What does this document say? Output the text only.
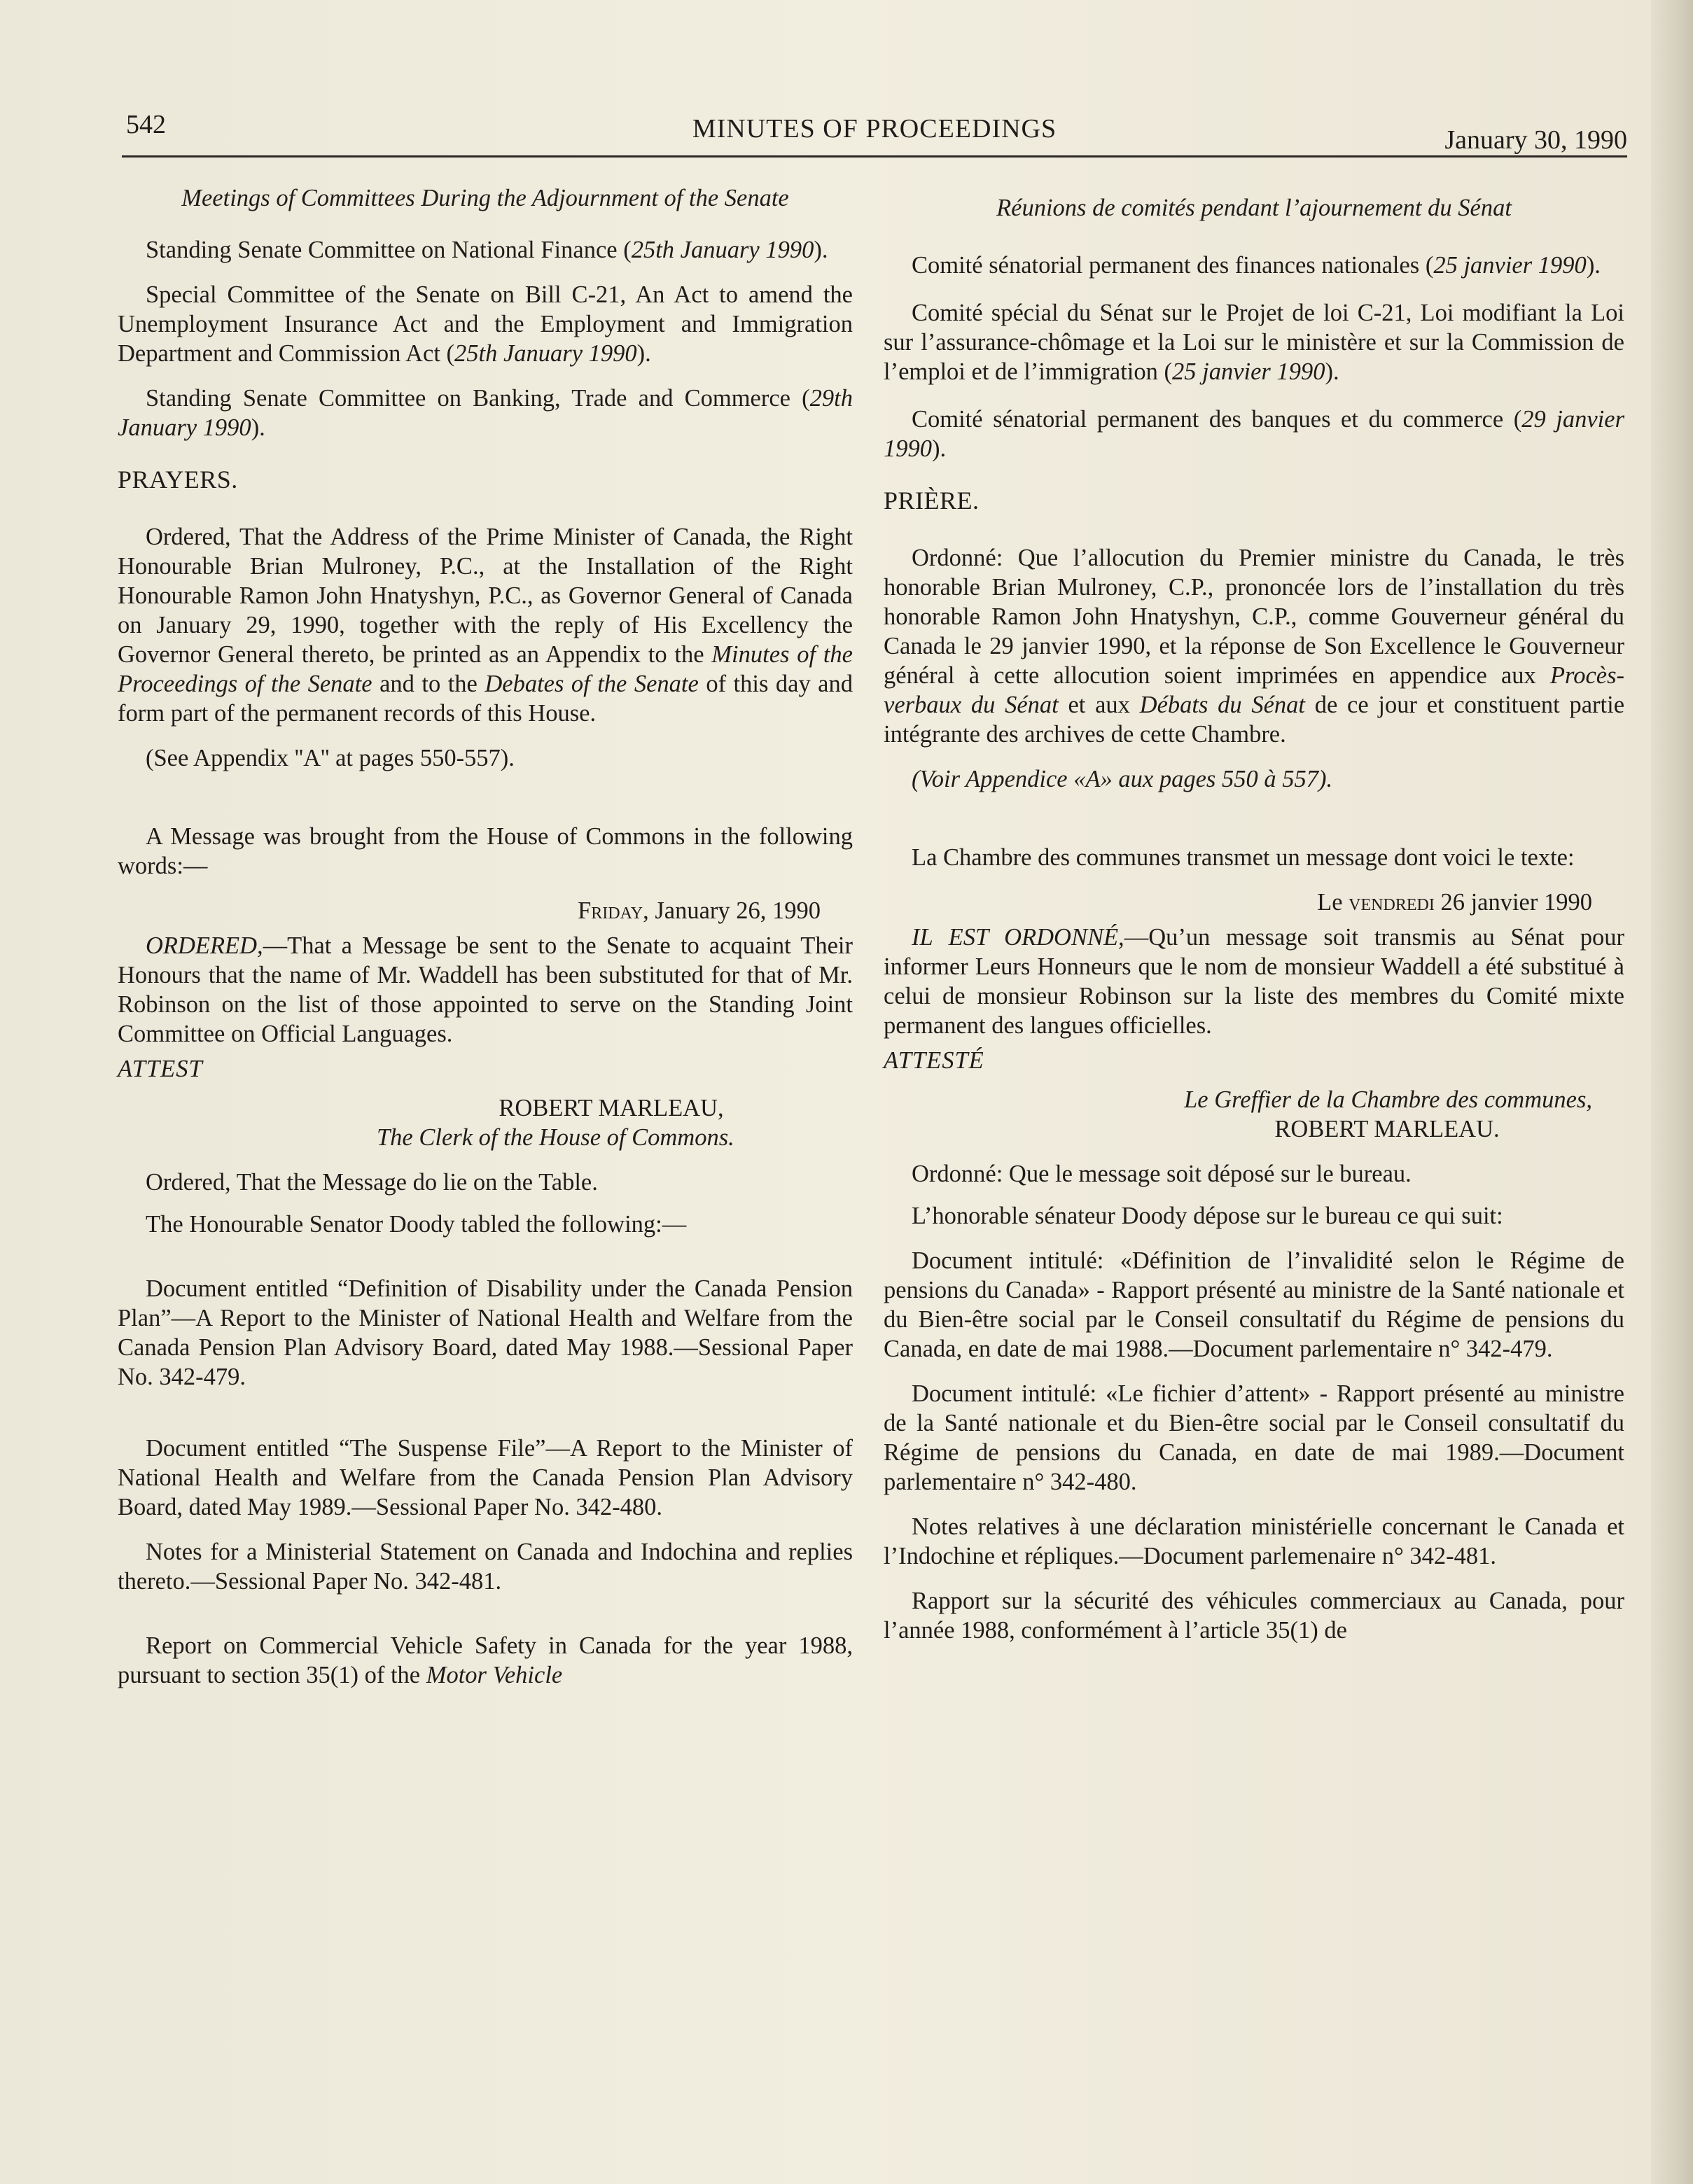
542	MINUTES OF PROCEEDINGS	January 30, 1990

Meetings of Committees During the Adjournment of the Senate

Standing Senate Committee on National Finance (25th January 1990).

Special Committee of the Senate on Bill C-21, An Act to amend the Unemployment Insurance Act and the Employment and Immigration Department and Commission Act (25th January 1990).

Standing Senate Committee on Banking, Trade and Commerce (29th January 1990).

PRAYERS.

Ordered, That the Address of the Prime Minister of Canada, the Right Honourable Brian Mulroney, P.C., at the Installation of the Right Honourable Ramon John Hnatyshyn, P.C., as Governor General of Canada on January 29, 1990, together with the reply of His Excellency the Governor General thereto, be printed as an Appendix to the Minutes of the Proceedings of the Senate and to the Debates of the Senate of this day and form part of the permanent records of this House.

(See Appendix ''A'' at pages 550-557).

A Message was brought from the House of Commons in the following words:—

Friday, January 26, 1990

ORDERED,—That a Message be sent to the Senate to acquaint Their Honours that the name of Mr. Waddell has been substituted for that of Mr. Robinson on the list of those appointed to serve on the Standing Joint Committee on Official Languages.

ATTEST

ROBERT MARLEAU,

The Clerk of the House of Commons.

Ordered, That the Message do lie on the Table.

The Honourable Senator Doody tabled the following:—

Document entitled “Definition of Disability under the Canada Pension Plan”—A Report to the Minister of National Health and Welfare from the Canada Pension Plan Advisory Board, dated May 1988.—Sessional Paper No. 342-479.

Document entitled “The Suspense File”—A Report to the Minister of National Health and Welfare from the Canada Pension Plan Advisory Board, dated May 1989.—Sessional Paper No. 342-480.

Notes for a Ministerial Statement on Canada and Indochina and replies thereto.—Sessional Paper No. 342-481.

Report on Commercial Vehicle Safety in Canada for the year 1988, pursuant to section 35(1) of the Motor Vehicle

Réunions de comités pendant l’ajournement du Sénat

Comité sénatorial permanent des finances nationales (25 janvier 1990).

Comité spécial du Sénat sur le Projet de loi C-21, Loi modifiant la Loi sur l’assurance-chômage et la Loi sur le ministère et sur la Commission de l’emploi et de l’immigration (25 janvier 1990).

Comité sénatorial permanent des banques et du commerce (29 janvier 1990).

PRIÈRE.

Ordonné: Que l’allocution du Premier ministre du Canada, le très honorable Brian Mulroney, C.P., prononcée lors de l’installation du très honorable Ramon John Hnatyshyn, C.P., comme Gouverneur général du Canada le 29 janvier 1990, et la réponse de Son Excellence le Gouverneur général à cette allocution soient imprimées en appendice aux Procès-verbaux du Sénat et aux Débats du Sénat de ce jour et constituent partie intégrante des archives de cette Chambre.

(Voir Appendice «A» aux pages 550 à 557).

La Chambre des communes transmet un message dont voici le texte:

Le vendredi 26 janvier 1990

IL EST ORDONNÉ,—Qu’un message soit transmis au Sénat pour informer Leurs Honneurs que le nom de monsieur Waddell a été substitué à celui de monsieur Robinson sur la liste des membres du Comité mixte permanent des langues officielles.

ATTESTÉ

Le Greffier de la Chambre des communes,

ROBERT MARLEAU.

Ordonné: Que le message soit déposé sur le bureau.

L’honorable sénateur Doody dépose sur le bureau ce qui suit:

Document intitulé: «Définition de l’invalidité selon le Régime de pensions du Canada» - Rapport présenté au ministre de la Santé nationale et du Bien-être social par le Conseil consultatif du Régime de pensions du Canada, en date de mai 1988.—Document parlementaire n° 342-479.

Document intitulé: «Le fichier d’attent» - Rapport présenté au ministre de la Santé nationale et du Bien-être social par le Conseil consultatif du Régime de pensions du Canada, en date de mai 1989.—Document parlementaire n° 342-480.

Notes relatives à une déclaration ministérielle concernant le Canada et l’Indochine et répliques.—Document parlemenaire n° 342-481.

Rapport sur la sécurité des véhicules commerciaux au Canada, pour l’année 1988, conformément à l’article 35(1) de
